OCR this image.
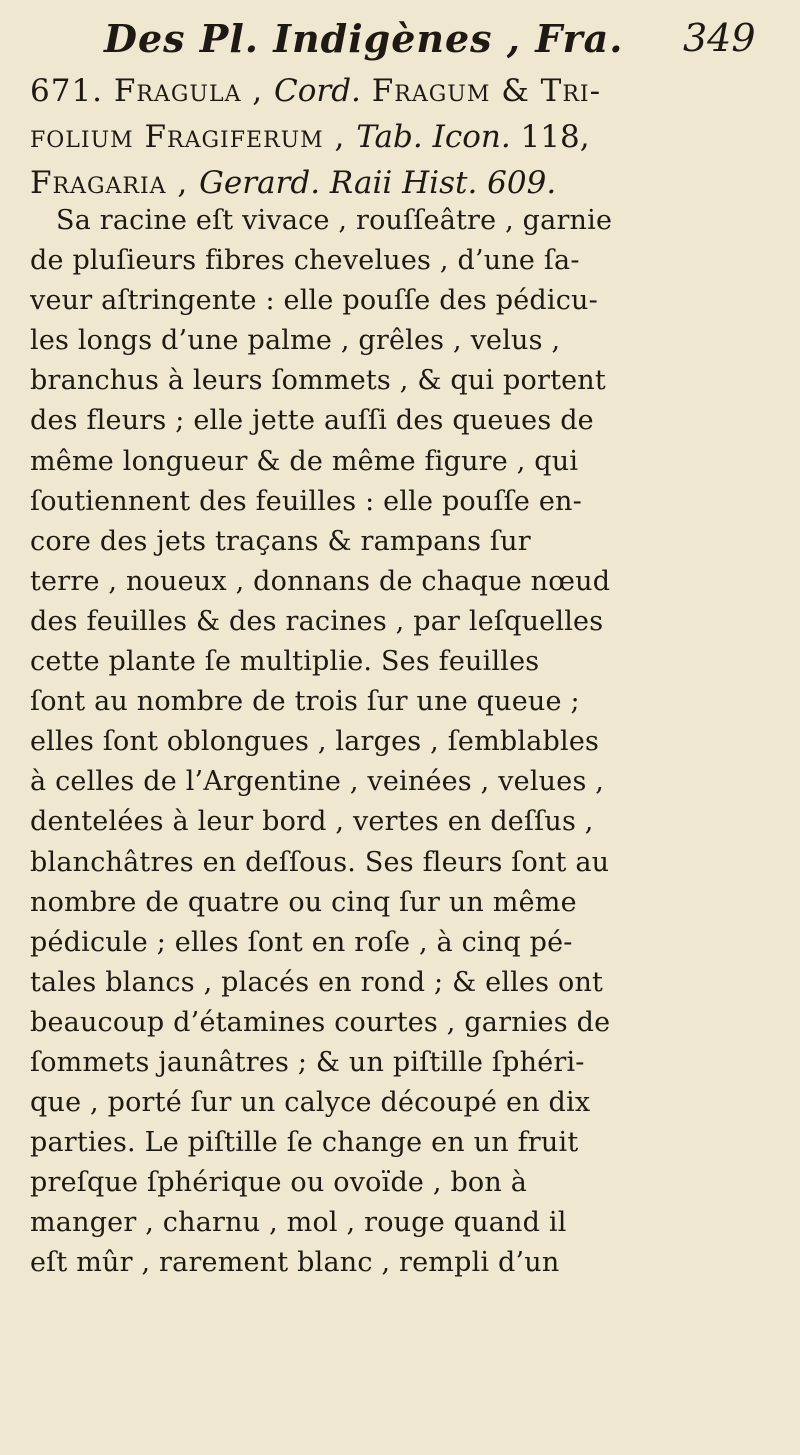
Des Pl. Indigènes , Fra. 349
671. Fragula , Cord. Fragum & Tri-
folium Fragiferum , Tab. Icon. 118,
Fragaria , Gerard. Raii Hist. 609.
Sa racine eſt vivace , rouſſeâtre , garnie
de pluſieurs fibres chevelues , d’une ſa-
veur aſtringente : elle pouſſe des pédicu-
les longs d’une palme , grêles , velus ,
branchus à leurs ſommets , & qui portent
des fleurs ; elle jette auſſi des queues de
même longueur & de même figure , qui
ſoutiennent des feuilles : elle pouſſe en-
core des jets traçans & rampans ſur
terre , noueux , donnans de chaque nœud
des feuilles & des racines , par leſquelles
cette plante ſe multiplie. Ses feuilles
ſont au nombre de trois ſur une queue ;
elles ſont oblongues , larges , ſemblables
à celles de l’Argentine , veinées , velues ,
dentelées à leur bord , vertes en deſſus ,
blanchâtres en deſſous. Ses fleurs ſont au
nombre de quatre ou cinq ſur un même
pédicule ; elles ſont en roſe , à cinq pé-
tales blancs , placés en rond ; & elles ont
beaucoup d’étamines courtes , garnies de
ſommets jaunâtres ; & un piſtille ſphéri-
que , porté ſur un calyce découpé en dix
parties. Le piſtille ſe change en un fruit
preſque ſphérique ou ovoïde , bon à
manger , charnu , mol , rouge quand il
eſt mûr , rarement blanc , rempli d’un
